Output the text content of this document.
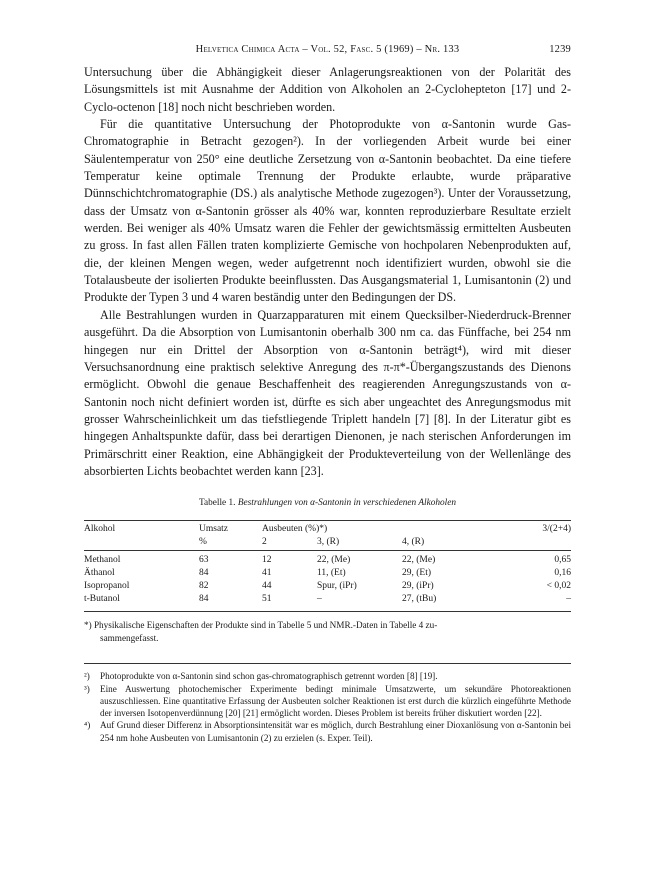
Helvetica Chimica Acta – Vol. 52, Fasc. 5 (1969) – Nr. 133	1239

Untersuchung über die Abhängigkeit dieser Anlagerungsreaktionen von der Polarität des Lösungsmittels ist mit Ausnahme der Addition von Alkoholen an 2-Cyclohepteton [17] und 2-Cyclo-octenon [18] noch nicht beschrieben worden.

Für die quantitative Untersuchung der Photoprodukte von α-Santonin wurde Gas-Chromatographie in Betracht gezogen²). In der vorliegenden Arbeit wurde bei einer Säulentemperatur von 250° eine deutliche Zersetzung von α-Santonin beobachtet. Da eine tiefere Temperatur keine optimale Trennung der Produkte erlaubte, wurde präparative Dünnschichtchromatographie (DS.) als analytische Methode zugezogen³). Unter der Voraussetzung, dass der Umsatz von α-Santonin grösser als 40% war, konnten reproduzierbare Resultate erzielt werden. Bei weniger als 40% Umsatz waren die Fehler der gewichtsmässig ermittelten Ausbeuten zu gross. In fast allen Fällen traten komplizierte Gemische von hochpolaren Nebenprodukten auf, die, der kleinen Mengen wegen, weder aufgetrennt noch identifiziert wurden, obwohl sie die Totalausbeute der isolierten Produkte beeinflussten. Das Ausgangsmaterial 1, Lumisantonin (2) und Produkte der Typen 3 und 4 waren beständig unter den Bedingungen der DS.

Alle Bestrahlungen wurden in Quarzapparaturen mit einem Quecksilber-Niederdruck-Brenner ausgeführt. Da die Absorption von Lumisantonin oberhalb 300 nm ca. das Fünffache, bei 254 nm hingegen nur ein Drittel der Absorption von α-Santonin beträgt⁴), wird mit dieser Versuchsanordnung eine praktisch selektive Anregung des π-π*-Übergangszustands des Dienons ermöglicht. Obwohl die genaue Beschaffenheit des reagierenden Anregungszustands von α-Santonin noch nicht definiert worden ist, dürfte es sich aber ungeachtet des Anregungsmodus mit grosser Wahrscheinlichkeit um das tiefstliegende Triplett handeln [7] [8]. In der Literatur gibt es hingegen Anhaltspunkte dafür, dass bei derartigen Dienonen, je nach sterischen Anforderungen im Primärschritt einer Reaktion, eine Abhängigkeit der Produkteverteilung von der Wellenlänge des absorbierten Lichts beobachtet werden kann [23].

Tabelle 1. Bestrahlungen von α-Santonin in verschiedenen Alkoholen
Alkohol	Umsatz	Ausbeuten (%)*)			3/(2+4)
	%	2	3, (R)	4, (R)	
Methanol	63	12	22, (Me)	22, (Me)	0,65
Äthanol	84	41	11, (Et)	29, (Et)	0,16
Isopropanol	82	44	Spur, (iPr)	29, (iPr)	< 0,02
t-Butanol	84	51	–	27, (tBu)	–

*) Physikalische Eigenschaften der Produkte sind in Tabelle 5 und NMR.-Daten in Tabelle 4 zu-
sammengefasst.
²) Photoprodukte von α-Santonin sind schon gas-chromatographisch getrennt worden [8] [19].
³) Eine Auswertung photochemischer Experimente bedingt minimale Umsatzwerte, um sekundäre Photoreaktionen auszuschliessen. Eine quantitative Erfassung der Ausbeuten solcher Reaktionen ist erst durch die kürzlich eingeführte Methode der inversen Isotopenverdünnung [20] [21] ermöglicht worden. Dieses Problem ist bereits früher diskutiert worden [22].
⁴) Auf Grund dieser Differenz in Absorptionsintensität war es möglich, durch Bestrahlung einer Dioxanlösung von α-Santonin bei 254 nm hohe Ausbeuten von Lumisantonin (2) zu erzielen (s. Exper. Teil).
